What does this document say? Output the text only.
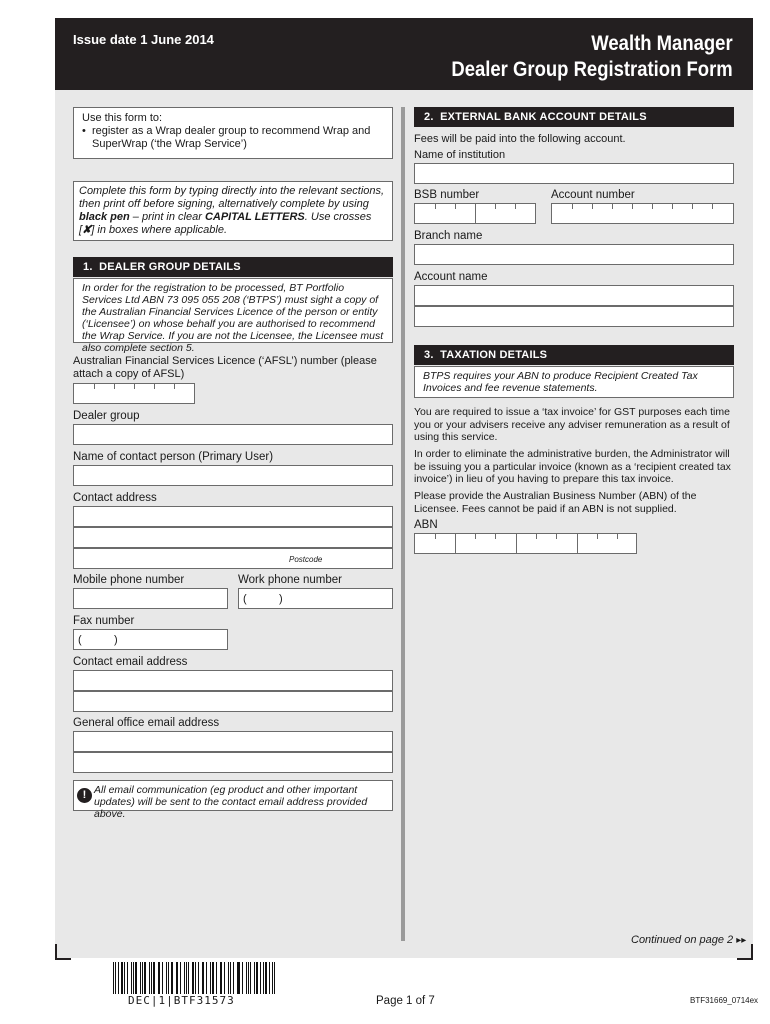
Issue date 1 June 2014	Wealth Manager
Dealer Group Registration Form
Use this form to:
•  register as a Wrap dealer group to recommend Wrap and SuperWrap (‘the Wrap Service’)
Complete this form by typing directly into the relevant sections, then print off before signing, alternatively complete by using black pen – print in clear CAPITAL LETTERS. Use crosses [✘] in boxes where applicable.
1.  DEALER GROUP DETAILS
In order for the registration to be processed, BT Portfolio Services Ltd ABN 73 095 055 208 (‘BTPS’) must sight a copy of the Australian Financial Services Licence of the person or entity (‘Licensee’) on whose behalf you are authorised to recommend the Wrap Service. If you are not the Licensee, the Licensee must also complete section 5.
Australian Financial Services Licence (‘AFSL’) number (please attach a copy of AFSL)
Dealer group
Name of contact person (Primary User)
Contact address
Postcode
Mobile phone number	Work phone number
(	)
Fax number
(	)
Contact email address
General office email address
! All email communication (eg product and other important updates) will be sent to the contact email address provided above.
2.  EXTERNAL BANK ACCOUNT DETAILS
Fees will be paid into the following account.
Name of institution
BSB number	Account number
Branch name
Account name
3.  TAXATION DETAILS
BTPS requires your ABN to produce Recipient Created Tax Invoices and fee revenue statements.
You are required to issue a ‘tax invoice’ for GST purposes each time you or your advisers receive any adviser remuneration as a result of using this service.
In order to eliminate the administrative burden, the Administrator will be issuing you a particular invoice (known as a ‘recipient created tax invoice’) in lieu of you having to prepare this tax invoice.
Please provide the Australian Business Number (ABN) of the Licensee. Fees cannot be paid if an ABN is not supplied.
ABN
Continued on page 2 ▸▸
DEC|1|BTF31573	Page 1 of 7	BTF31669_0714ex
